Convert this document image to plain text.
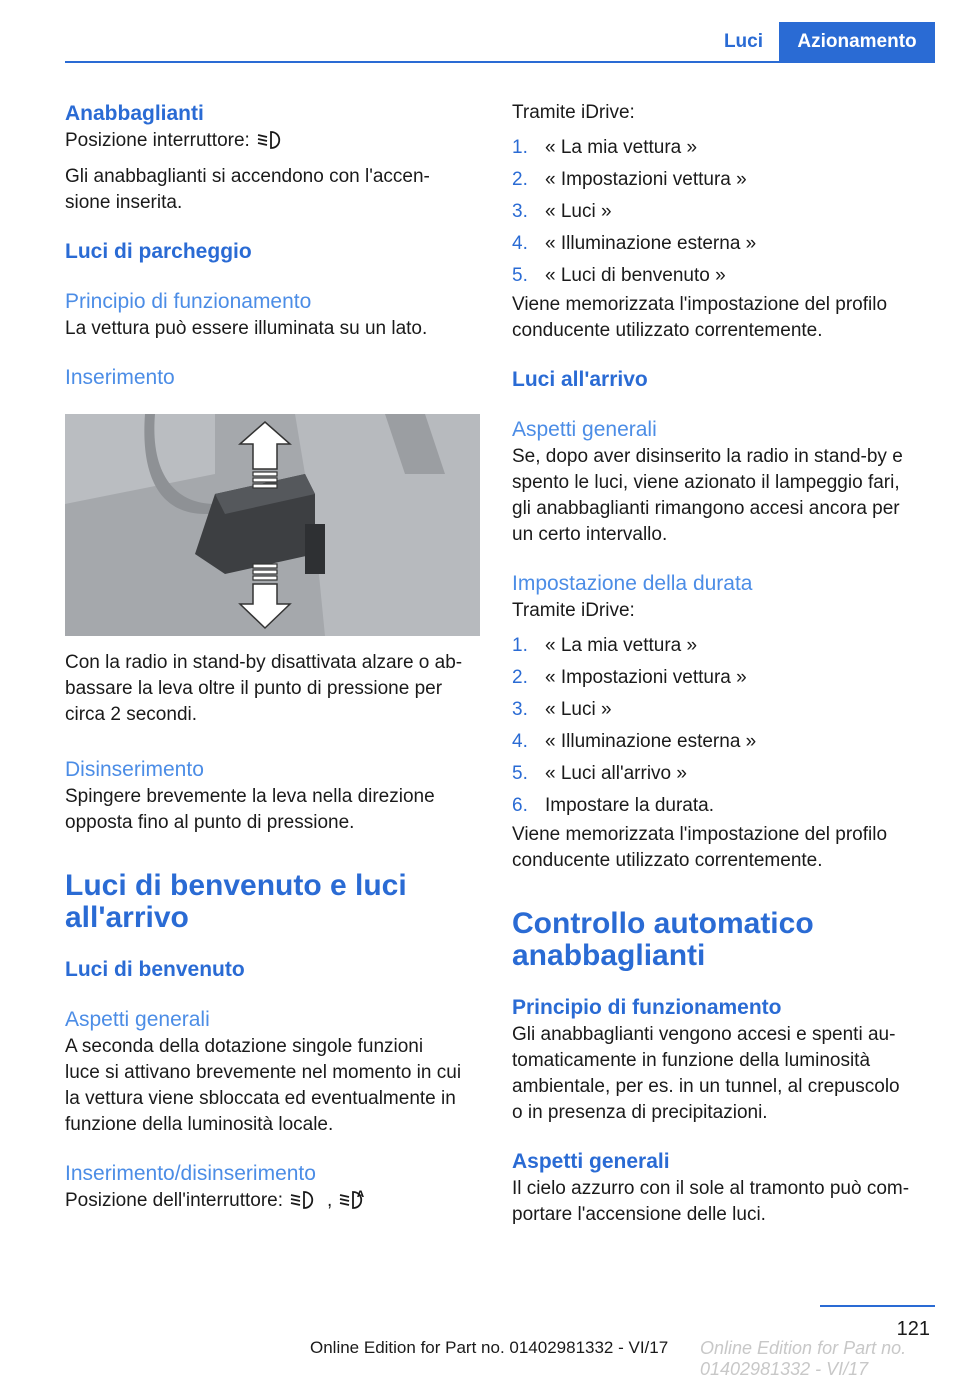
Luci	Azionamento
Anabbaglianti

Posizione interruttore:

Gli anabbaglianti si accendono con l'accen-

sione inserita.

Luci di parcheggio
Principio di funzionamento

La vettura può essere illuminata su un lato.

Inserimento

Con la radio in stand-by disattivata alzare o ab-

bassare la leva oltre il punto di pressione per

circa 2 secondi.

Disinserimento

Spingere brevemente la leva nella direzione

opposta fino al punto di pressione.

Luci di benvenuto e luci
all'arrivo
Luci di benvenuto
Aspetti generali

A seconda della dotazione singole funzioni

luce si attivano brevemente nel momento in cui

la vettura viene sbloccata ed eventualmente in

funzione della luminosità locale.

Inserimento/disinserimento

Posizione dell'interruttore: ,	A

Tramite iDrive:

1. « La mia vettura »
2. « Impostazioni vettura »
3. « Luci »
4. « Illuminazione esterna »
5. « Luci di benvenuto »

Viene memorizzata l'impostazione del profilo

conducente utilizzato correntemente.

Luci all'arrivo
Aspetti generali

Se, dopo aver disinserito la radio in stand-by e

spento le luci, viene azionato il lampeggio fari,

gli anabbaglianti rimangono accesi ancora per

un certo intervallo.

Impostazione della durata

Tramite iDrive:

1. « La mia vettura »
2. « Impostazioni vettura »
3. « Luci »
4. « Illuminazione esterna »
5. « Luci all'arrivo »
6. Impostare la durata.

Viene memorizzata l'impostazione del profilo

conducente utilizzato correntemente.

Controllo automatico
anabbaglianti
Principio di funzionamento

Gli anabbaglianti vengono accesi e spenti au-

tomaticamente in funzione della luminosità

ambientale, per es. in un tunnel, al crepuscolo

o in presenza di precipitazioni.

Aspetti generali

Il cielo azzurro con il sole al tramonto può com-

portare l'accensione delle luci.

121
Online Edition for Part no. 01402981332 - VI/17 Online Edition for Part no. 01402981332 - VI/17
